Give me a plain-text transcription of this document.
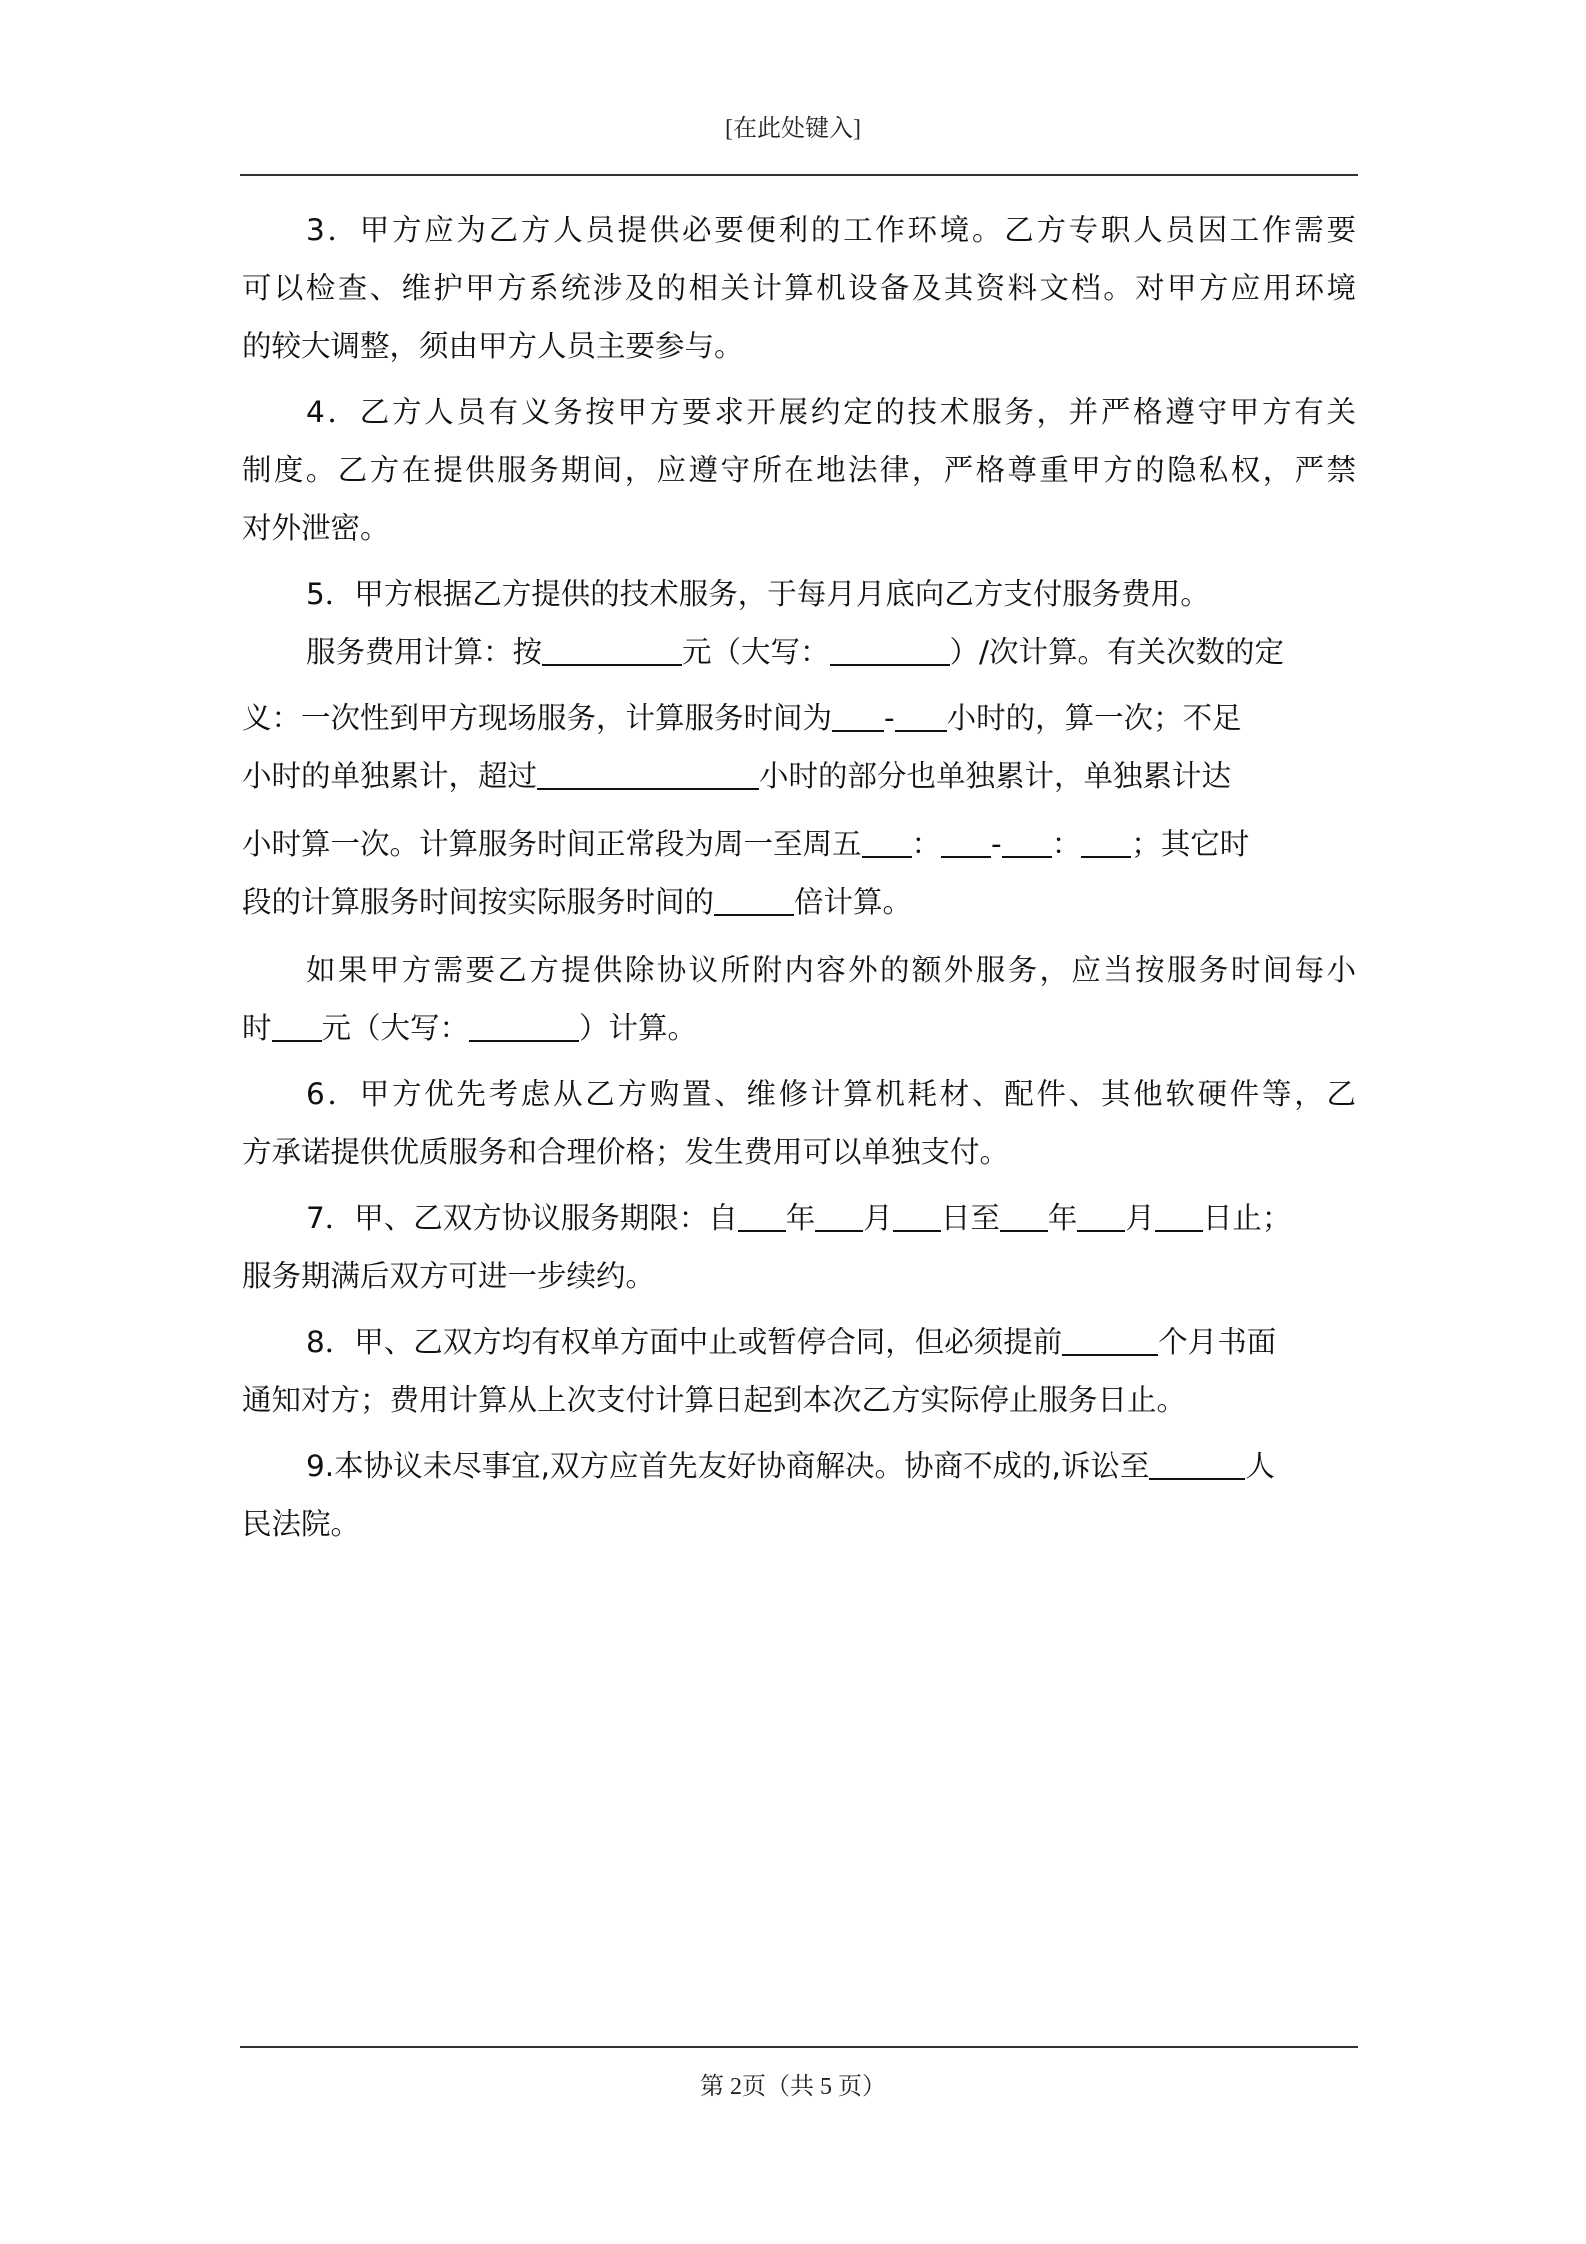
[在此处键入]
3．甲方应为乙方人员提供必要便利的工作环境。乙方专职人员因工作需要
可以检查、维护甲方系统涉及的相关计算机设备及其资料文档。对甲方应用环境
的较大调整，须由甲方人员主要参与。
4．乙方人员有义务按甲方要求开展约定的技术服务，并严格遵守甲方有关
制度。乙方在提供服务期间，应遵守所在地法律，严格尊重甲方的隐私权，严禁
对外泄密。
5．甲方根据乙方提供的技术服务，于每月月底向乙方支付服务费用。
服务费用计算：按	元（大写：	）/次计算。有关次数的定
义：一次性到甲方现场服务，计算服务时间为 - 小时的，算一次；不足
小时的单独累计，超过	小时的部分也单独累计，单独累计达
小时算一次。计算服务时间正常段为周一至周五 ： - ： ；其它时
段的计算服务时间按实际服务时间的	倍计算。
如果甲方需要乙方提供除协议所附内容外的额外服务，应当按服务时间每小
时 元（大写：	）计算。
6．甲方优先考虑从乙方购置、维修计算机耗材、配件、其他软硬件等，乙
方承诺提供优质服务和合理价格；发生费用可以单独支付。
7．甲、乙双方协议服务期限：自 年 月 日至 年 月 日止；
服务期满后双方可进一步续约。
8．甲、乙双方均有权单方面中止或暂停合同，但必须提前	个月书面
通知对方；费用计算从上次支付计算日起到本次乙方实际停止服务日止。
9.本协议未尽事宜,双方应首先友好协商解决。协商不成的,诉讼至	人
民法院。
第 2页（共 5 页）
